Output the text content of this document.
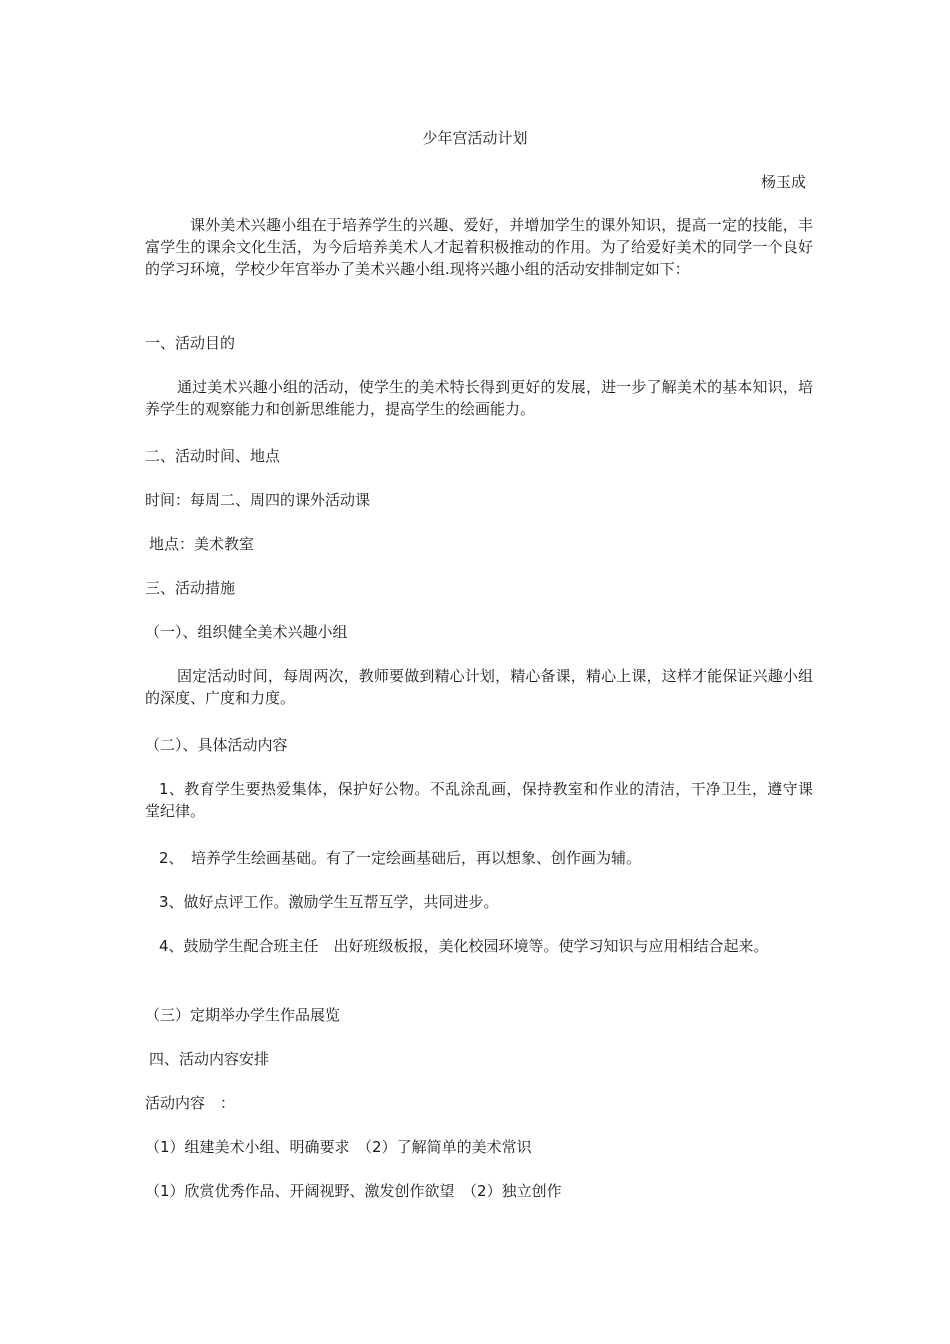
少年宫活动计划
杨玉成
课外美术兴趣小组在于培养学生的兴趣、爱好，并增加学生的课外知识，提高一定的技能，丰富学生的课余文化生活，为今后培养美术人才起着积极推动的作用。为了给爱好美术的同学一个良好的学习环境，学校少年宫举办了美术兴趣小组.现将兴趣小组的活动安排制定如下：
一、活动目的
通过美术兴趣小组的活动，使学生的美术特长得到更好的发展，进一步了解美术的基本知识，培养学生的观察能力和创新思维能力，提高学生的绘画能力。
二、活动时间、地点
时间：每周二、周四的课外活动课
地点：美术教室
三、活动措施
（一）、组织健全美术兴趣小组
固定活动时间，每周两次，教师要做到精心计划，精心备课，精心上课，这样才能保证兴趣小组的深度、广度和力度。
（二）、具体活动内容
1、教育学生要热爱集体，保护好公物。不乱涂乱画，保持教室和作业的清洁，干净卫生，遵守课堂纪律。
2、　培养学生绘画基础。有了一定绘画基础后，再以想象、创作画为辅。
3、做好点评工作。激励学生互帮互学，共同进步。
4、鼓励学生配合班主任　出好班级板报，美化校园环境等。使学习知识与应用相结合起来。
（三）定期举办学生作品展览
四、活动内容安排
活动内容　：
（1）组建美术小组、明确要求　（2）了解简单的美术常识
（1）欣赏优秀作品、开阔视野、激发创作欲望　（2）独立创作
